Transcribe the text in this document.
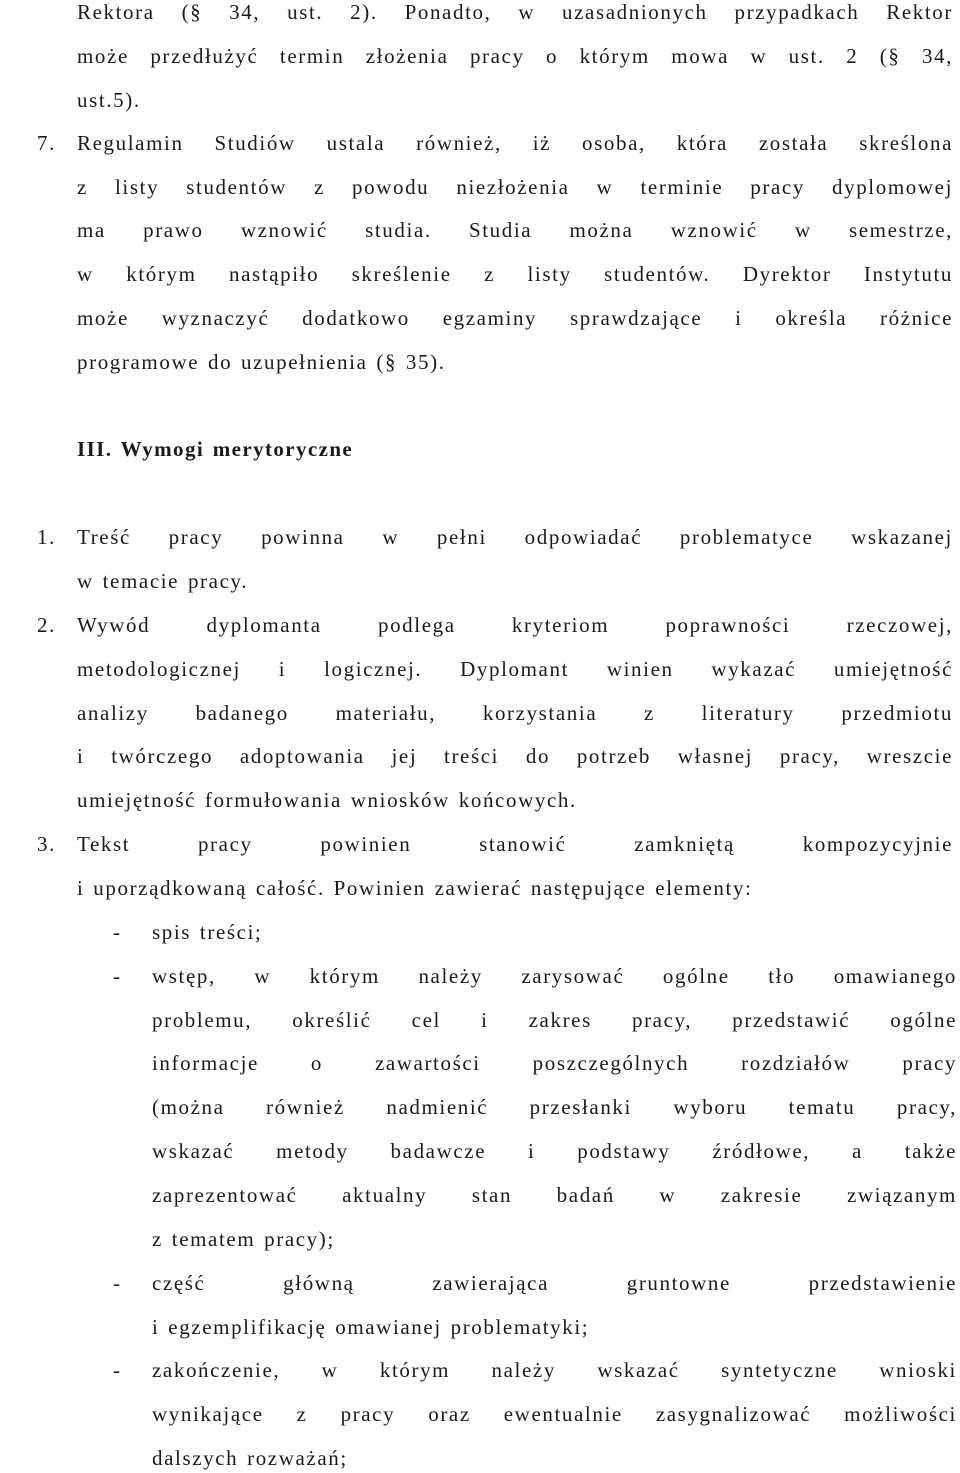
Rektora (§ 34, ust. 2). Ponadto, w uzasadnionych przypadkach Rektor
może przedłużyć termin złożenia pracy o którym mowa w ust. 2 (§ 34,
ust.5).
7. Regulamin Studiów ustala również, iż osoba, która została skreślona
z listy studentów z powodu niezłożenia w terminie pracy dyplomowej
ma prawo wznowić studia. Studia można wznowić w semestrze,
w którym nastąpiło skreślenie z listy studentów. Dyrektor Instytutu
może wyznaczyć dodatkowo egzaminy sprawdzające i określa różnice
programowe do uzupełnienia (§ 35).
III. Wymogi merytoryczne
1. Treść pracy powinna w pełni odpowiadać problematyce wskazanej
w temacie pracy.
2. Wywód dyplomanta podlega kryteriom poprawności rzeczowej,
metodologicznej i logicznej. Dyplomant winien wykazać umiejętność
analizy badanego materiału, korzystania z literatury przedmiotu
i twórczego adoptowania jej treści do potrzeb własnej pracy, wreszcie
umiejętność formułowania wniosków końcowych.
3. Tekst pracy powinien stanowić zamkniętą kompozycyjnie
i uporządkowaną całość. Powinien zawierać następujące elementy:
- spis treści;
- wstęp, w którym należy zarysować ogólne tło omawianego
problemu, określić cel i zakres pracy, przedstawić ogólne
informacje o zawartości poszczególnych rozdziałów pracy
(można również nadmienić przesłanki wyboru tematu pracy,
wskazać metody badawcze i podstawy źródłowe, a także
zaprezentować aktualny stan badań w zakresie związanym
z tematem pracy);
- część główną zawierająca gruntowne przedstawienie
i egzemplifikację omawianej problematyki;
- zakończenie, w którym należy wskazać syntetyczne wnioski
wynikające z pracy oraz ewentualnie zasygnalizować możliwości
dalszych rozważań;
